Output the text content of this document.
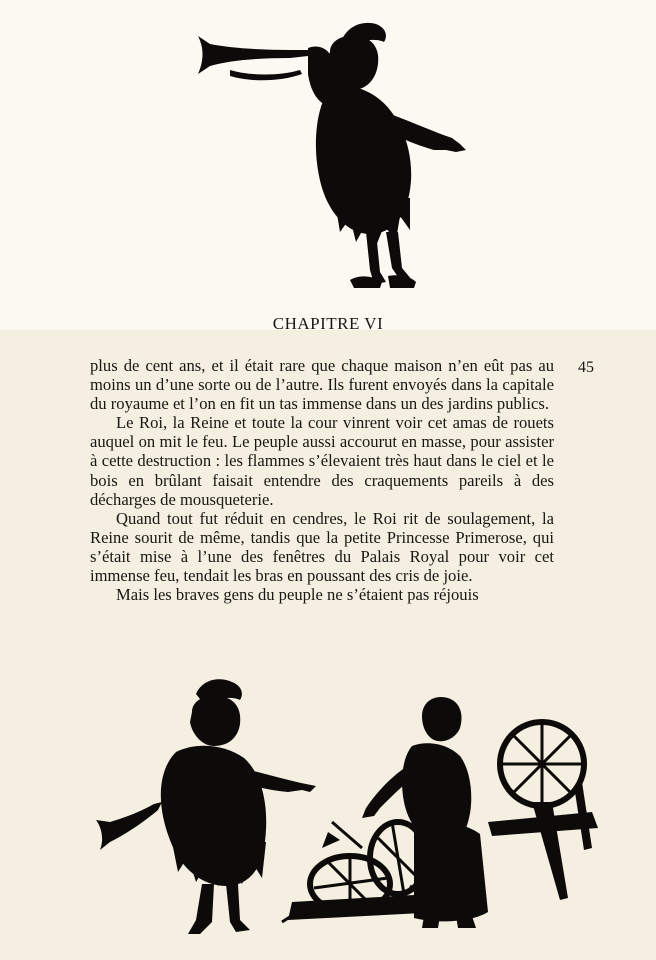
CHAPITRE VI
45

plus de cent ans, et il était rare que chaque maison n’en eût pas au moins un d’une sorte ou de l’autre. Ils furent envoyés dans la capitale du royaume et l’on en fit un tas immense dans un des jardins publics.

Le Roi, la Reine et toute la cour vinrent voir cet amas de rouets auquel on mit le feu. Le peuple aussi accourut en masse, pour assister à cette destruction : les flammes s’élevaient très haut dans le ciel et le bois en brûlant faisait entendre des craquements pareils à des décharges de mousqueterie.

Quand tout fut réduit en cendres, le Roi rit de soulagement, la Reine sourit de même, tandis que la petite Princesse Primerose, qui s’était mise à l’une des fenêtres du Palais Royal pour voir cet immense feu, tendait les bras en poussant des cris de joie.

Mais les braves gens du peuple ne s’étaient pas réjouis
